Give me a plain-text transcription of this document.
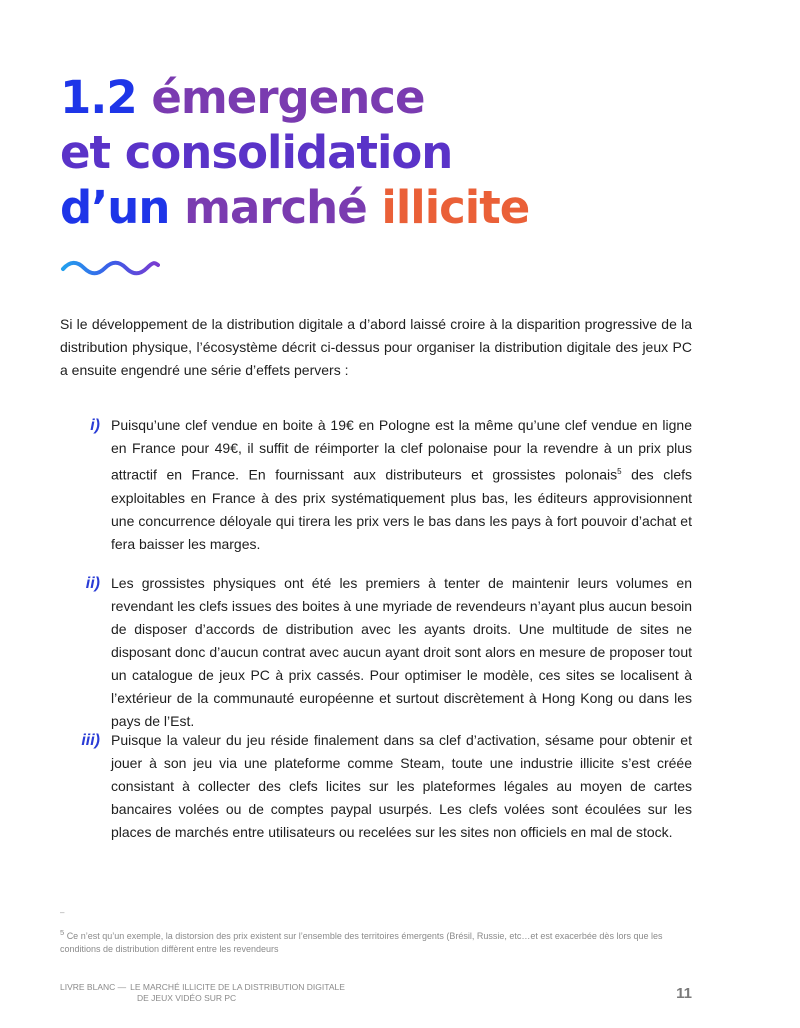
1.2 émergence
et consolidation
d’un marché illicite

Si le développement de la distribution digitale a d’abord laissé croire à la disparition progressive de la distribution physique, l’écosystème décrit ci-dessus pour organiser la distribution digitale des jeux PC a ensuite engendré une série d’effets pervers :

i) Puisqu’une clef vendue en boite à 19€ en Pologne est la même qu’une clef vendue en ligne en France pour 49€, il suffit de réimporter la clef polonaise pour la revendre à un prix plus attractif en France. En fournissant aux distributeurs et grossistes polonais$^5$ des clefs exploitables en France à des prix systématiquement plus bas, les éditeurs approvisionnent une concurrence déloyale qui tirera les prix vers le bas dans les pays à fort pouvoir d’achat et fera baisser les marges.

ii) Les grossistes physiques ont été les premiers à tenter de maintenir leurs volumes en revendant les clefs issues des boites à une myriade de revendeurs n’ayant plus aucun besoin de disposer d’accords de distribution avec les ayants droits. Une multitude de sites ne disposant donc d’aucun contrat avec aucun ayant droit sont alors en mesure de proposer tout un catalogue de jeux PC à prix cassés. Pour optimiser le modèle, ces sites se localisent à l’extérieur de la communauté européenne et surtout discrètement à Hong Kong ou dans les pays de l’Est.

iii) Puisque la valeur du jeu réside finalement dans sa clef d’activation, sésame pour obtenir et jouer à son jeu via une plateforme comme Steam, toute une industrie illicite s’est créée consistant à collecter des clefs licites sur les plateformes légales au moyen de cartes bancaires volées ou de comptes paypal usurpés. Les clefs volées sont écoulées sur les places de marchés entre utilisateurs ou recelées sur les sites non officiels en mal de stock.

–

$^5$ Ce n’est qu’un exemple, la distorsion des prix existent sur l’ensemble des territoires émergents (Brésil, Russie, etc…et est exacerbée dès lors que les conditions de distribution diffèrent entre les revendeurs

LIVRE BLANC — LE MARCHÉ ILLICITE DE LA DISTRIBUTION DIGITALE
DE JEUX VIDÉO SUR PC	11
